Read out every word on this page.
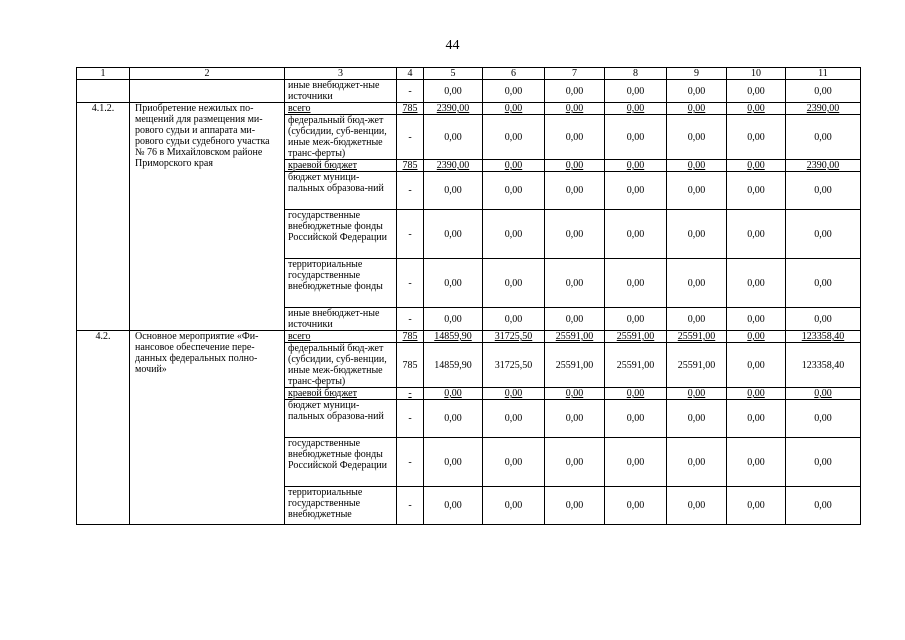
44
1	2	3	4	5	6	7	8	9	10	11
		иные внебюджет-ные источники	-	0,00	0,00	0,00	0,00	0,00	0,00	0,00
4.1.2.	Приобретение нежилых по-мещений для размещения ми-рового судьи и аппарата ми-рового судьи судебного участка № 76 в Михайловском районе Приморского края	всего	785	2390,00	0,00	0,00	0,00	0,00	0,00	2390,00
		федеральный бюд-жет (субсидии, суб-венции, иные меж-бюджетные транс-ферты)	-	0,00	0,00	0,00	0,00	0,00	0,00	0,00
		краевой бюджет	785	2390,00	0,00	0,00	0,00	0,00	0,00	2390,00
		бюджет муници-пальных образова-ний	-	0,00	0,00	0,00	0,00	0,00	0,00	0,00
		государственные внебюджетные фонды Российской Федерации	-	0,00	0,00	0,00	0,00	0,00	0,00	0,00
		территориальные государственные внебюджетные фонды	-	0,00	0,00	0,00	0,00	0,00	0,00	0,00
		иные внебюджет-ные источники	-	0,00	0,00	0,00	0,00	0,00	0,00	0,00
4.2.	Основное мероприятие «Фи-нансовое обеспечение пере-данных федеральных полно-мочий»	всего	785	14859,90	31725,50	25591,00	25591,00	25591,00	0,00	123358,40
		федеральный бюд-жет (субсидии, суб-венции, иные меж-бюджетные транс-ферты)	785	14859,90	31725,50	25591,00	25591,00	25591,00	0,00	123358,40
		краевой бюджет	-	0,00	0,00	0,00	0,00	0,00	0,00	0,00
		бюджет муници-пальных образова-ний	-	0,00	0,00	0,00	0,00	0,00	0,00	0,00
		государственные внебюджетные фонды Российской Федерации	-	0,00	0,00	0,00	0,00	0,00	0,00	0,00
		территориальные государственные внебюджетные	-	0,00	0,00	0,00	0,00	0,00	0,00	0,00
